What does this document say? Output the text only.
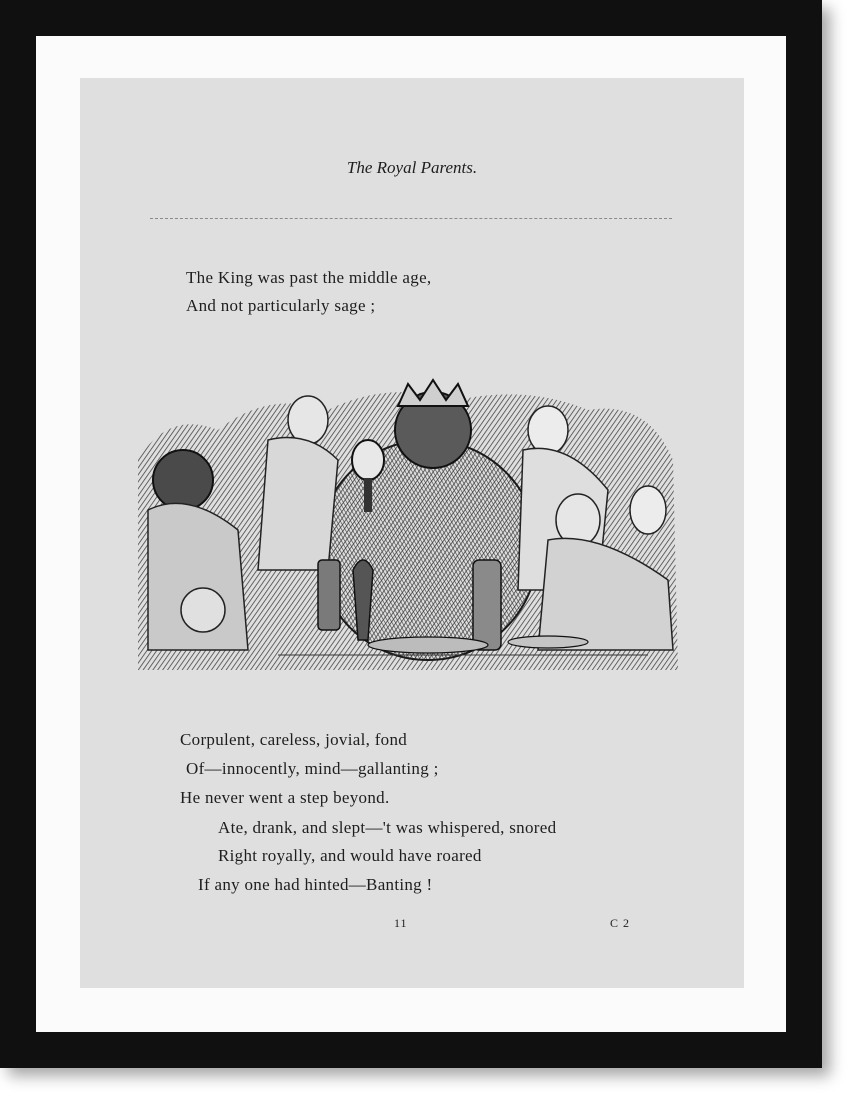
The Royal Parents.
The King was past the middle age,
And not particularly sage ;
Corpulent, careless, jovial, fond
Of—innocently, mind—gallanting ;
He never went a step beyond.
Ate, drank, and slept—'t was whispered, snored
Right royally, and would have roared
If any one had hinted—Banting !
11	C 2
